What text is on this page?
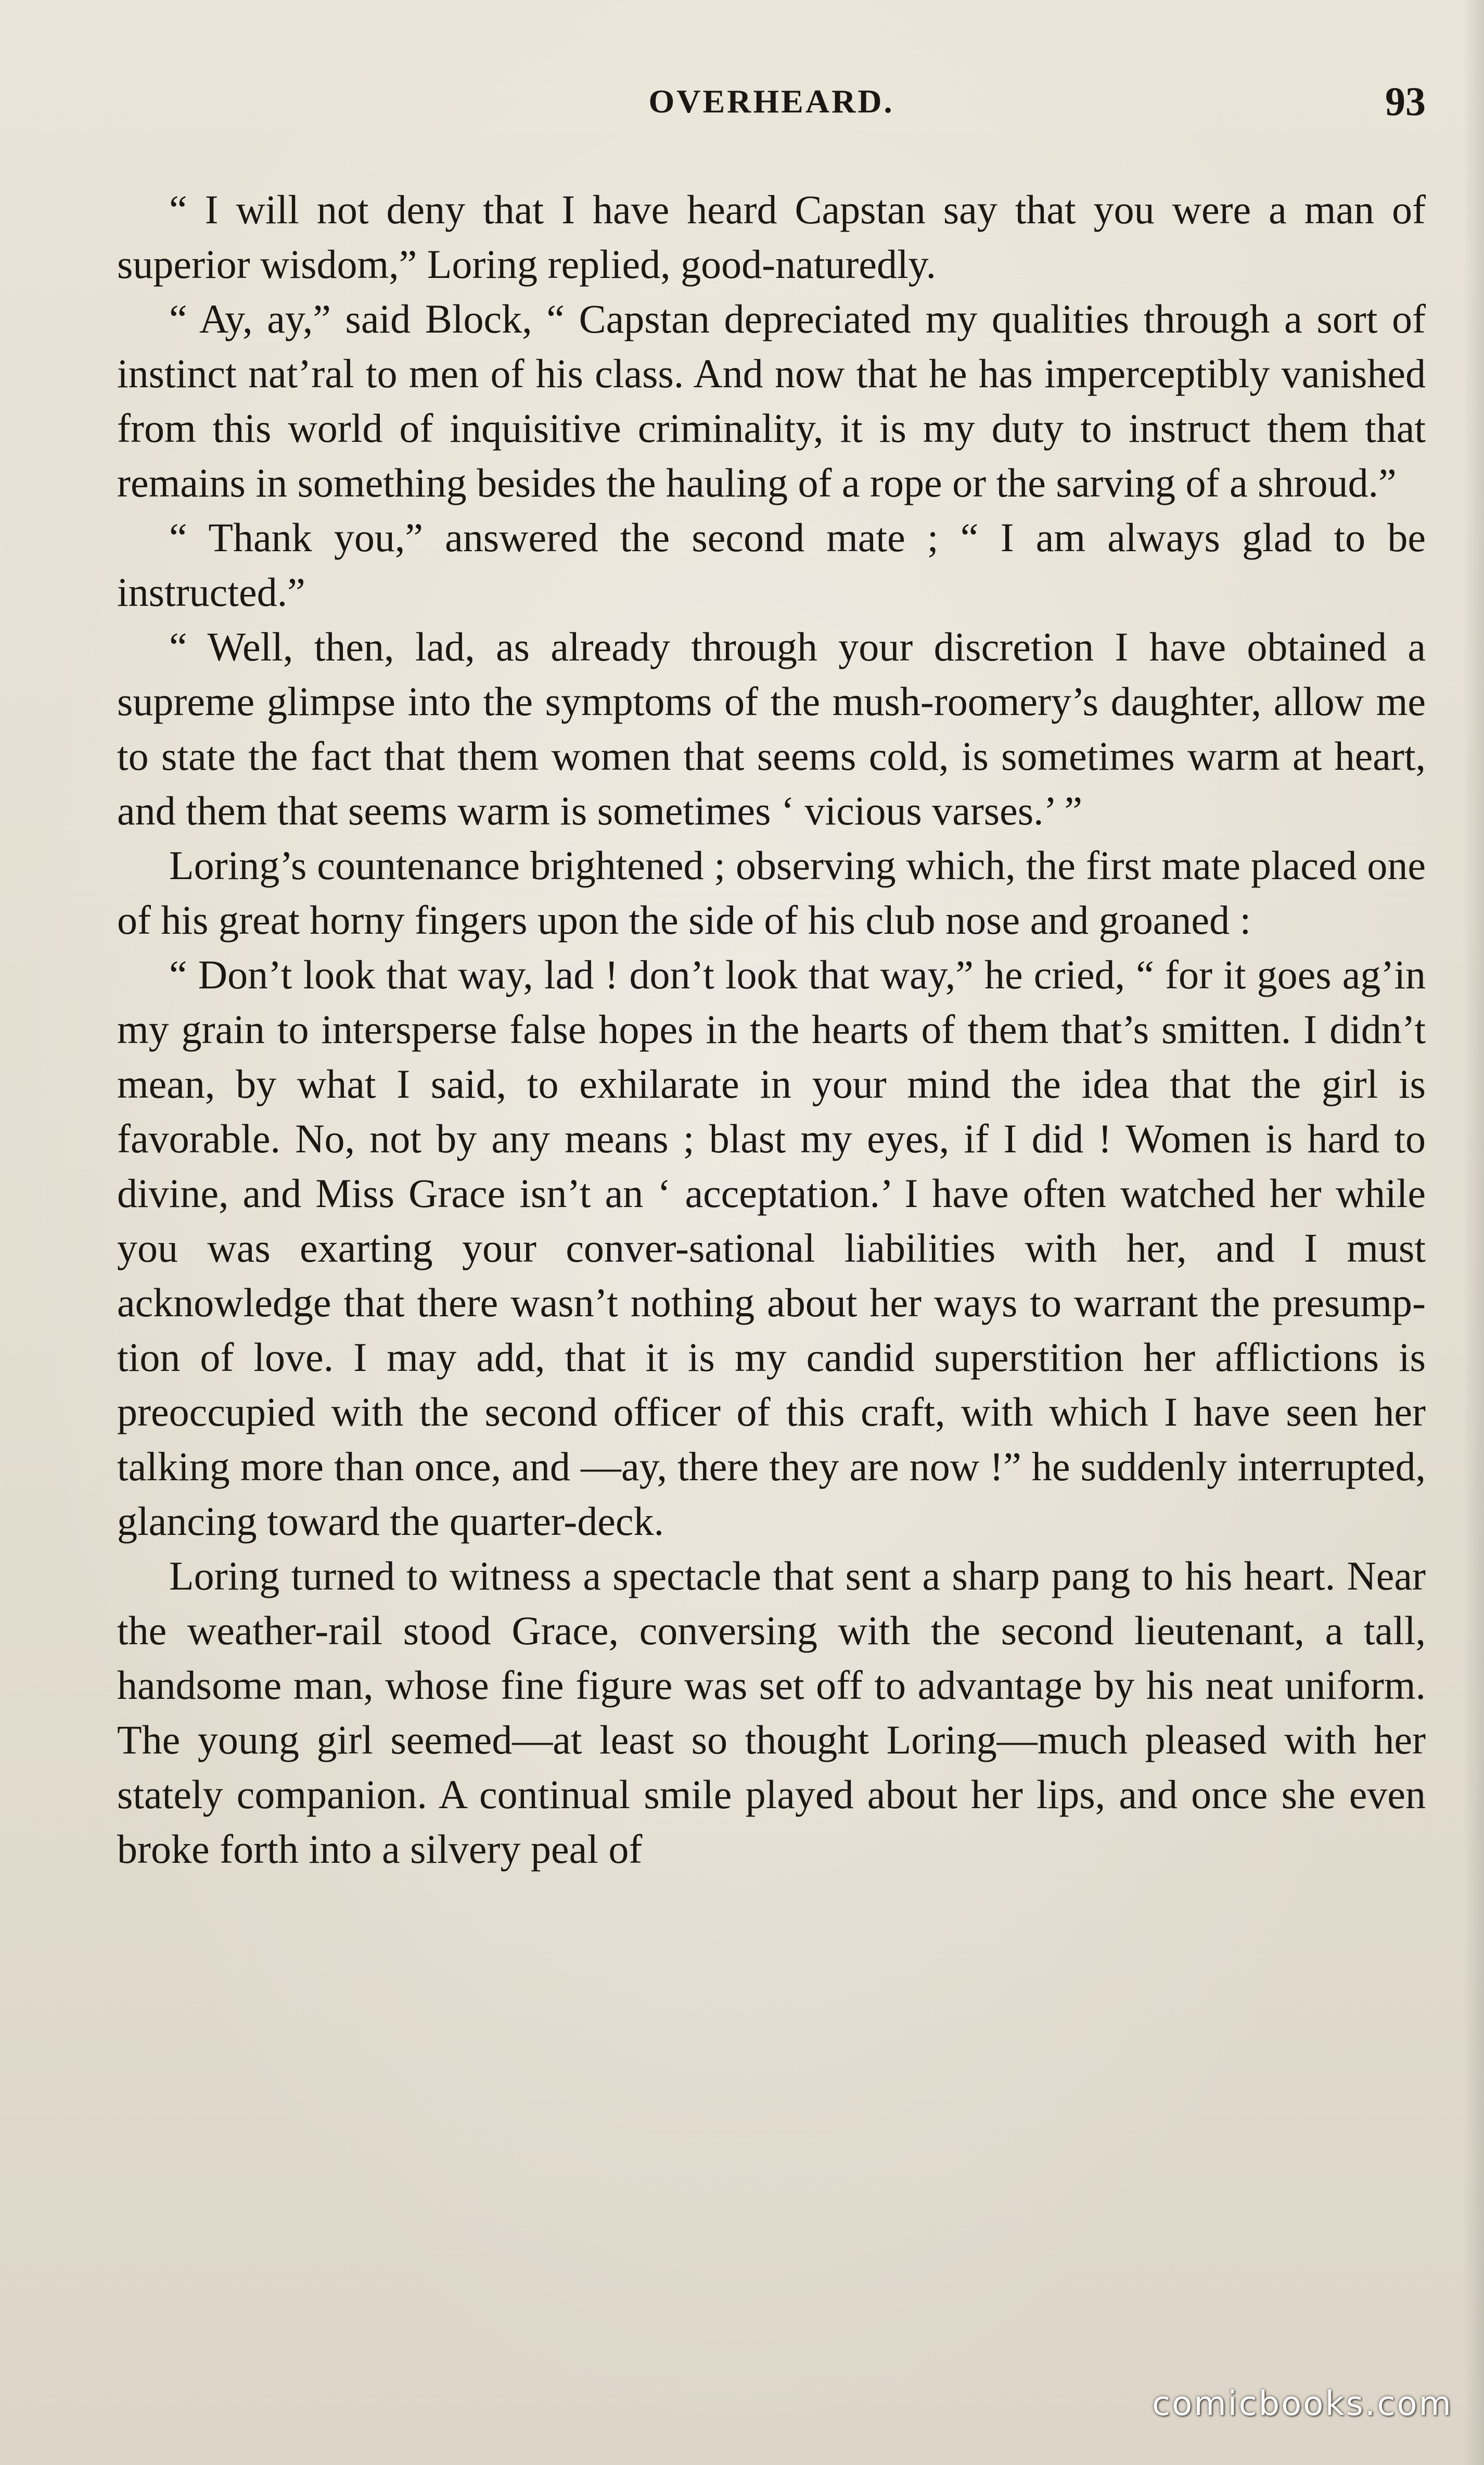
OVERHEARD.	93

“ I will not deny that I have heard Capstan say that you were a man of superior wisdom,” Loring replied, good-naturedly.

“ Ay, ay,” said Block, “ Capstan depreciated my qualities through a sort of instinct nat’ral to men of his class. And now that he has imperceptibly vanished from this world of inquisitive criminality, it is my duty to instruct them that remains in something besides the hauling of a rope or the sarving of a shroud.”

“ Thank you,” answered the second mate ; “ I am always glad to be instructed.”

“ Well, then, lad, as already through your discretion I have obtained a supreme glimpse into the symptoms of the mush-roomery’s daughter, allow me to state the fact that them women that seems cold, is sometimes warm at heart, and them that seems warm is sometimes ‘ vicious varses.’ ”

Loring’s countenance brightened ; observing which, the first mate placed one of his great horny fingers upon the side of his club nose and groaned :

“ Don’t look that way, lad ! don’t look that way,” he cried, “ for it goes ag’in my grain to intersperse false hopes in the hearts of them that’s smitten. I didn’t mean, by what I said, to exhilarate in your mind the idea that the girl is favorable. No, not by any means ; blast my eyes, if I did ! Women is hard to divine, and Miss Grace isn’t an ‘ acceptation.’ I have often watched her while you was exarting your conver-sational liabilities with her, and I must acknowledge that there wasn’t nothing about her ways to warrant the presump-tion of love. I may add, that it is my candid superstition her afflictions is preoccupied with the second officer of this craft, with which I have seen her talking more than once, and —ay, there they are now !” he suddenly interrupted, glancing toward the quarter-deck.

Loring turned to witness a spectacle that sent a sharp pang to his heart. Near the weather-rail stood Grace, conversing with the second lieutenant, a tall, handsome man, whose fine figure was set off to advantage by his neat uniform. The young girl seemed—at least so thought Loring—much pleased with her stately companion. A continual smile played about her lips, and once she even broke forth into a silvery peal of

comicbooks.com
